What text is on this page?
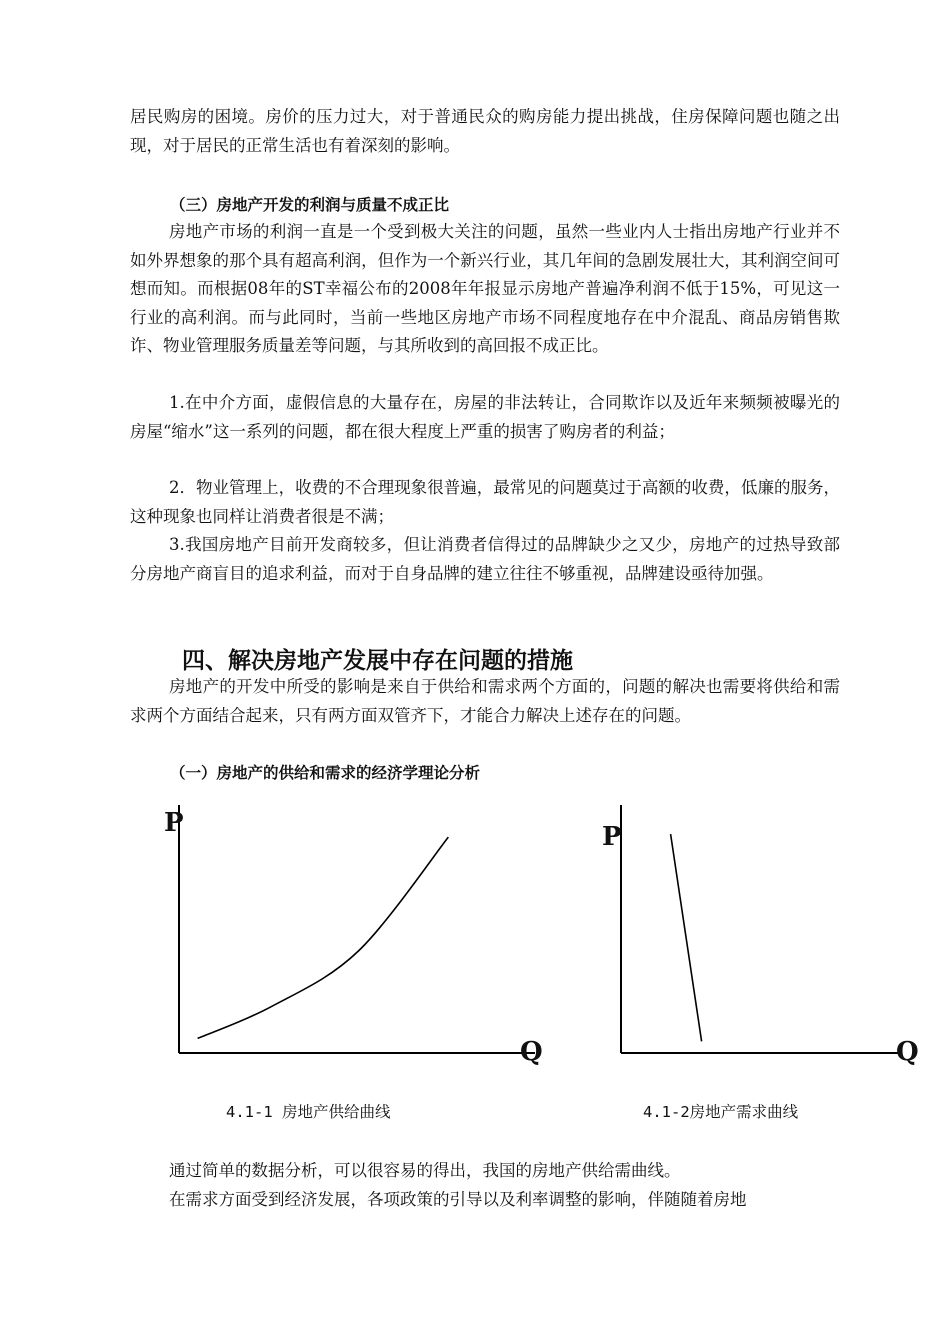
居民购房的困境。房价的压力过大，对于普通民众的购房能力提出挑战，住房保障问题也随之出现，对于居民的正常生活也有着深刻的影响。

（三）房地产开发的利润与质量不成正比

房地产市场的利润一直是一个受到极大关注的问题，虽然一些业内人士指出房地产行业并不如外界想象的那个具有超高利润，但作为一个新兴行业，其几年间的急剧发展壮大，其利润空间可想而知。而根据08年的ST幸福公布的2008年年报显示房地产普遍净利润不低于15%，可见这一行业的高利润。而与此同时，当前一些地区房地产市场不同程度地存在中介混乱、商品房销售欺诈、物业管理服务质量差等问题，与其所收到的高回报不成正比。

1.在中介方面，虚假信息的大量存在，房屋的非法转让，合同欺诈以及近年来频频被曝光的房屋“缩水”这一系列的问题，都在很大程度上严重的损害了购房者的利益；

2．物业管理上，收费的不合理现象很普遍，最常见的问题莫过于高额的收费，低廉的服务，这种现象也同样让消费者很是不满；

3.我国房地产目前开发商较多，但让消费者信得过的品牌缺少之又少，房地产的过热导致部分房地产商盲目的追求利益，而对于自身品牌的建立往往不够重视，品牌建设亟待加强。

四、解决房地产发展中存在问题的措施

房地产的开发中所受的影响是来自于供给和需求两个方面的，问题的解决也需要将供给和需求两个方面结合起来，只有两方面双管齐下，才能合力解决上述存在的问题。

（一）房地产的供给和需求的经济学理论分析

P
Q
P
Q

4.1-1 房地产供给曲线	4.1-2房地产需求曲线

通过简单的数据分析，可以很容易的得出，我国的房地产供给需曲线。

在需求方面受到经济发展，各项政策的引导以及利率调整的影响，伴随随着房地
